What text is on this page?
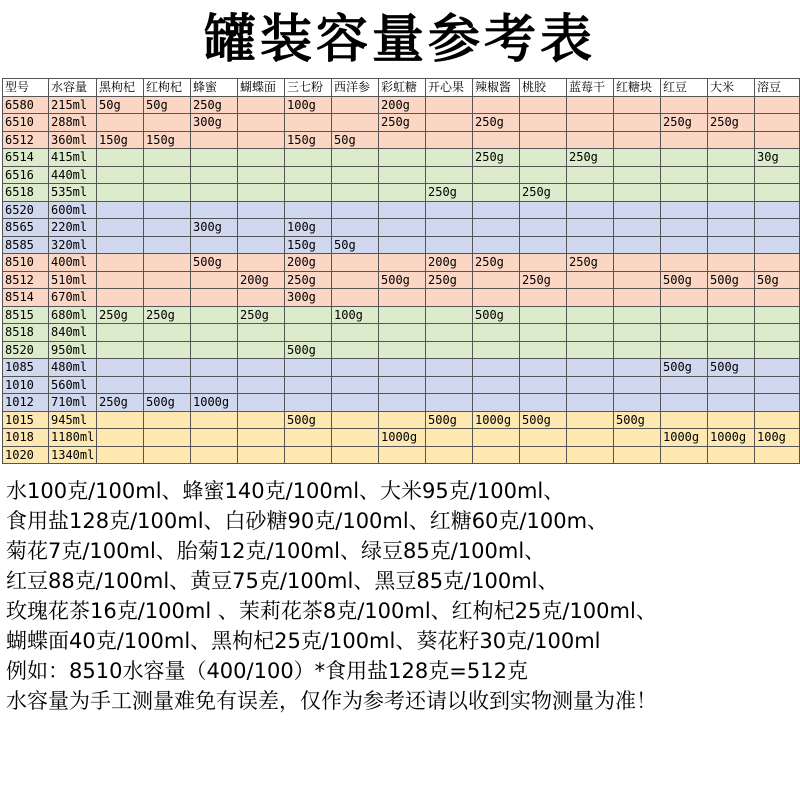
罐装容量参考表
型号	水容量	黑枸杞	红枸杞	蜂蜜	蝴蝶面	三七粉	西洋参	彩虹糖	开心果	辣椒酱	桃胶	蓝莓干	红糖块	红豆	大米	溶豆
6580	215ml	50g	50g	250g		100g		200g								
6510	288ml			300g				250g		250g				250g	250g	
6512	360ml	150g	150g			150g	50g									
6514	415ml									250g		250g				30g
6516	440ml															
6518	535ml								250g		250g					
6520	600ml															
8565	220ml			300g		100g										
8585	320ml					150g	50g									
8510	400ml			500g		200g			200g	250g		250g				
8512	510ml				200g	250g		500g	250g		250g			500g	500g	50g
8514	670ml					300g										
8515	680ml	250g	250g		250g		100g			500g						
8518	840ml															
8520	950ml					500g										
1085	480ml													500g	500g	
1010	560ml															
1012	710ml	250g	500g	1000g												
1015	945ml					500g			500g	1000g	500g		500g			
1018	1180ml							1000g						1000g	1000g	100g
1020	1340ml															
水100克/100ml、蜂蜜140克/100ml、大米95克/100ml、
食用盐128克/100ml、白砂糖90克/100ml、红糖60克/100m、
菊花7克/100ml、胎菊12克/100ml、绿豆85克/100ml、
红豆88克/100ml、黄豆75克/100ml、黑豆85克/100ml、
玫瑰花茶16克/100ml 、茉莉花茶8克/100ml、红枸杞25克/100ml、
蝴蝶面40克/100ml、黑枸杞25克/100ml、葵花籽30克/100ml
例如：8510水容量（400/100）*食用盐128克=512克
水容量为手工测量难免有误差，仅作为参考还请以收到实物测量为准！
